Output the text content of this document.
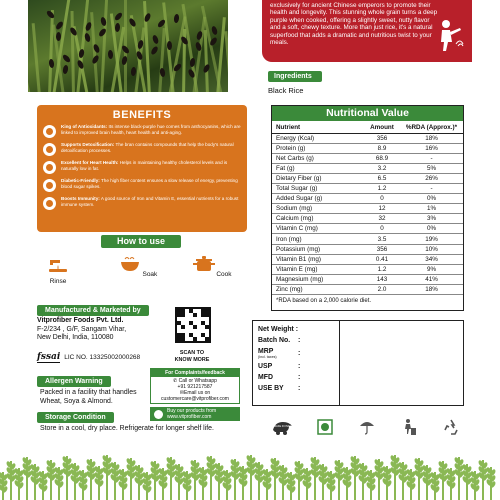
exclusively for ancient Chinese emperors to promote their health and longevity. This stunning whole grain turns a deep purple when cooked, offering a slightly sweet, nutty flavor and a soft, chewy texture. More than just rice, it's a natural superfood that adds a dramatic and nutritious twist to your meals.
Ingredients
Black Rice
BENEFITS
King of Antioxidants: Its intense black-purple hue comes from anthocyanins, which are linked to improved brain health, heart health and anti-aging.
Supports Detoxification: The bran contains compounds that help the body's natural detoxification processes.
Excellent for Heart Health: Helps in maintaining healthy cholesterol levels and is naturally low in fat.
Diabetic-Friendly: The high fiber content ensures a slow release of energy, preventing blood sugar spikes.
Boosts Immunity: A good source of Iron and Vitamin E, essential nutrients for a robust immune system.
How to use
Rinse
Soak	Cook
Manufactured & Marketed by
Vitprofiber Foods Pvt. Ltd.
F-2/234 , G/F, Sangam Vihar,
New Delhi, India, 110080
fssai LIC NO. 13325002000268
SCAN TO
KNOW MORE
For Complaints/feedback
✆ Call or Whatsapp
+91 921217587
✉Email us on
customercare@vitprofiber.com
Buy our products from
www.vitprofiber.com
Allergen Warning
Packed in a facility that handles Wheat, Soya & Almond.
Storage Condition
Store in a cool, dry place. Refrigerate for longer shelf life.
Nutritional Value
Nutrient	Amount	%RDA (Approx.)*
Energy (Kcal)	356	18%
Protein (g)	8.9	16%
Net Carbs (g)	68.9	-
Fat (g)	3.2	5%
Dietary Fiber (g)	6.5	26%
Total Sugar (g)	1.2	-
Added Sugar (g)	0	0%
Sodium (mg)	12	1%
Calcium (mg)	32	3%
Vitamin C (mg)	0	0%
Iron (mg)	3.5	19%
Potassium (mg)	356	10%
Vitamin B1 (mg)	0.41	34%
Vitamin E (mg)	1.2	9%
Magnesium (mg)	143	41%
Zinc (mg)	2.0	18%
*RDA based on a 2,000 calorie diet.
Net Weight :
Batch No.	:
MRP
(Incl. taxes)	:
USP	:
MFD	:
USE BY	:
MAKE IN INDIA
